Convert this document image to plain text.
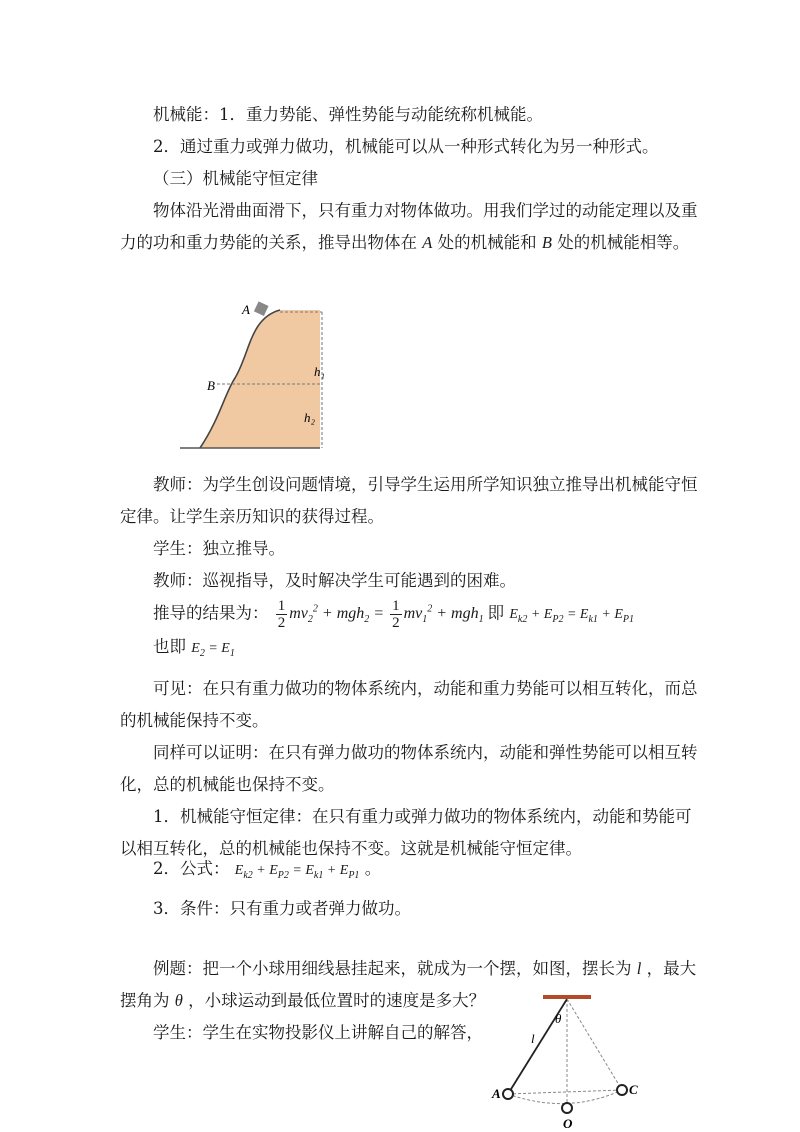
机械能：1．重力势能、弹性势能与动能统称机械能。
2．通过重力或弹力做功，机械能可以从一种形式转化为另一种形式。
（三）机械能守恒定律
物体沿光滑曲面滑下，只有重力对物体做功。用我们学过的动能定理以及重
力的功和重力势能的关系，推导出物体在 A 处的机械能和 B 处的机械能相等。
A
B
h₁
h₂
教师：为学生创设问题情境，引导学生运用所学知识独立推导出机械能守恒
定律。让学生亲历知识的获得过程。
学生：独立推导。
教师：巡视指导，及时解决学生可能遇到的困难。
推导的结果为： $\frac{1}{2} mv_2^2 + mgh_2 = \frac{1}{2} mv_1^2 + mgh_1$ 即 $E_{k2} + E_{P2} = E_{k1} + E_{P1}$
也即 $E_2 = E_1$
可见：在只有重力做功的物体系统内，动能和重力势能可以相互转化，而总
的机械能保持不变。
同样可以证明：在只有弹力做功的物体系统内，动能和弹性势能可以相互转
化，总的机械能也保持不变。
1．机械能守恒定律：在只有重力或弹力做功的物体系统内，动能和势能可
以相互转化，总的机械能也保持不变。这就是机械能守恒定律。
2．公式： $E_{k2} + E_{P2} = E_{k1} + E_{P1}$ 。
3．条件：只有重力或者弹力做功。
例题：把一个小球用细线悬挂起来，就成为一个摆，如图，摆长为 l ，最大
摆角为 θ ，小球运动到最低位置时的速度是多大？
学生：学生在实物投影仪上讲解自己的解答，
A	C
O
l
θ
